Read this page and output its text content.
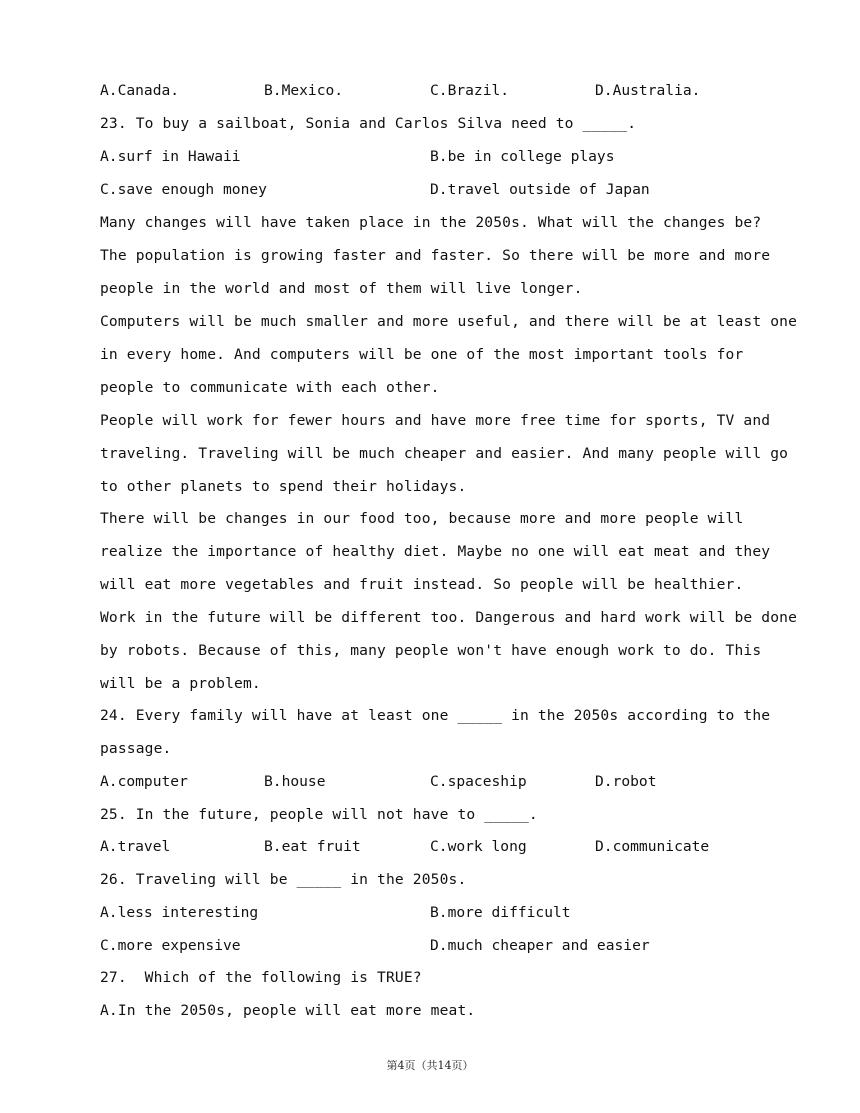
A.Canada.	B.Mexico.	C.Brazil.	D.Australia.
23. To buy a sailboat, Sonia and Carlos Silva need to _____.
A.surf in Hawaii	B.be in college plays
C.save enough money	D.travel outside of Japan
Many changes will have taken place in the 2050s. What will the changes be?
The population is growing faster and faster. So there will be more and more
people in the world and most of them will live longer.
Computers will be much smaller and more useful, and there will be at least one
in every home. And computers will be one of the most important tools for
people to communicate with each other.
People will work for fewer hours and have more free time for sports, TV and
traveling. Traveling will be much cheaper and easier. And many people will go
to other planets to spend their holidays.
There will be changes in our food too, because more and more people will
realize the importance of healthy diet. Maybe no one will eat meat and they
will eat more vegetables and fruit instead. So people will be healthier.
Work in the future will be different too. Dangerous and hard work will be done
by robots. Because of this, many people won't have enough work to do. This
will be a problem.
24. Every family will have at least one _____ in the 2050s according to the
passage.
A.computer	B.house	C.spaceship	D.robot
25. In the future, people will not have to _____.
A.travel	B.eat fruit	C.work long	D.communicate
26. Traveling will be _____ in the 2050s.
A.less interesting	B.more difficult
C.more expensive	D.much cheaper and easier
27.  Which of the following is TRUE?
A.In the 2050s, people will eat more meat.
第4页（共14页）
